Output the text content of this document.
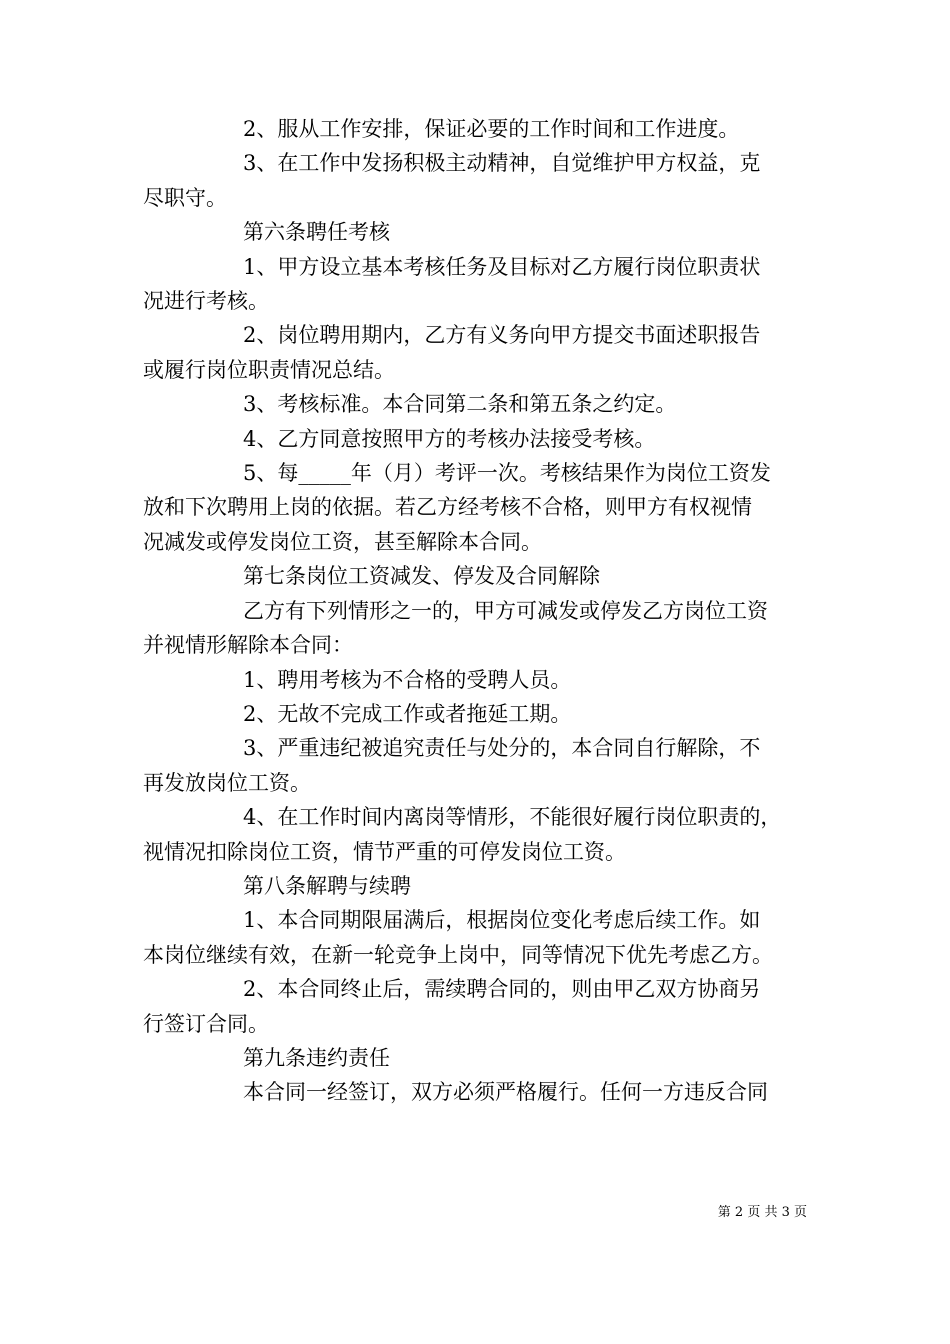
2、服从工作安排，保证必要的工作时间和工作进度。

3、在工作中发扬积极主动精神，自觉维护甲方权益，克

尽职守。

第六条聘任考核

1、甲方设立基本考核任务及目标对乙方履行岗位职责状

况进行考核。

2、岗位聘用期内，乙方有义务向甲方提交书面述职报告

或履行岗位职责情况总结。

3、考核标准。本合同第二条和第五条之约定。

4、乙方同意按照甲方的考核办法接受考核。

5、每_____年（月）考评一次。考核结果作为岗位工资发

放和下次聘用上岗的依据。若乙方经考核不合格，则甲方有权视情

况减发或停发岗位工资，甚至解除本合同。

第七条岗位工资减发、停发及合同解除

乙方有下列情形之一的，甲方可减发或停发乙方岗位工资

并视情形解除本合同：

1、聘用考核为不合格的受聘人员。

2、无故不完成工作或者拖延工期。

3、严重违纪被追究责任与处分的，本合同自行解除，不

再发放岗位工资。

4、在工作时间内离岗等情形，不能很好履行岗位职责的，

视情况扣除岗位工资，情节严重的可停发岗位工资。

第八条解聘与续聘

1、本合同期限届满后，根据岗位变化考虑后续工作。如

本岗位继续有效，在新一轮竞争上岗中，同等情况下优先考虑乙方。

2、本合同终止后，需续聘合同的，则由甲乙双方协商另

行签订合同。

第九条违约责任

本合同一经签订，双方必须严格履行。任何一方违反合同

第 2 页 共 3 页
